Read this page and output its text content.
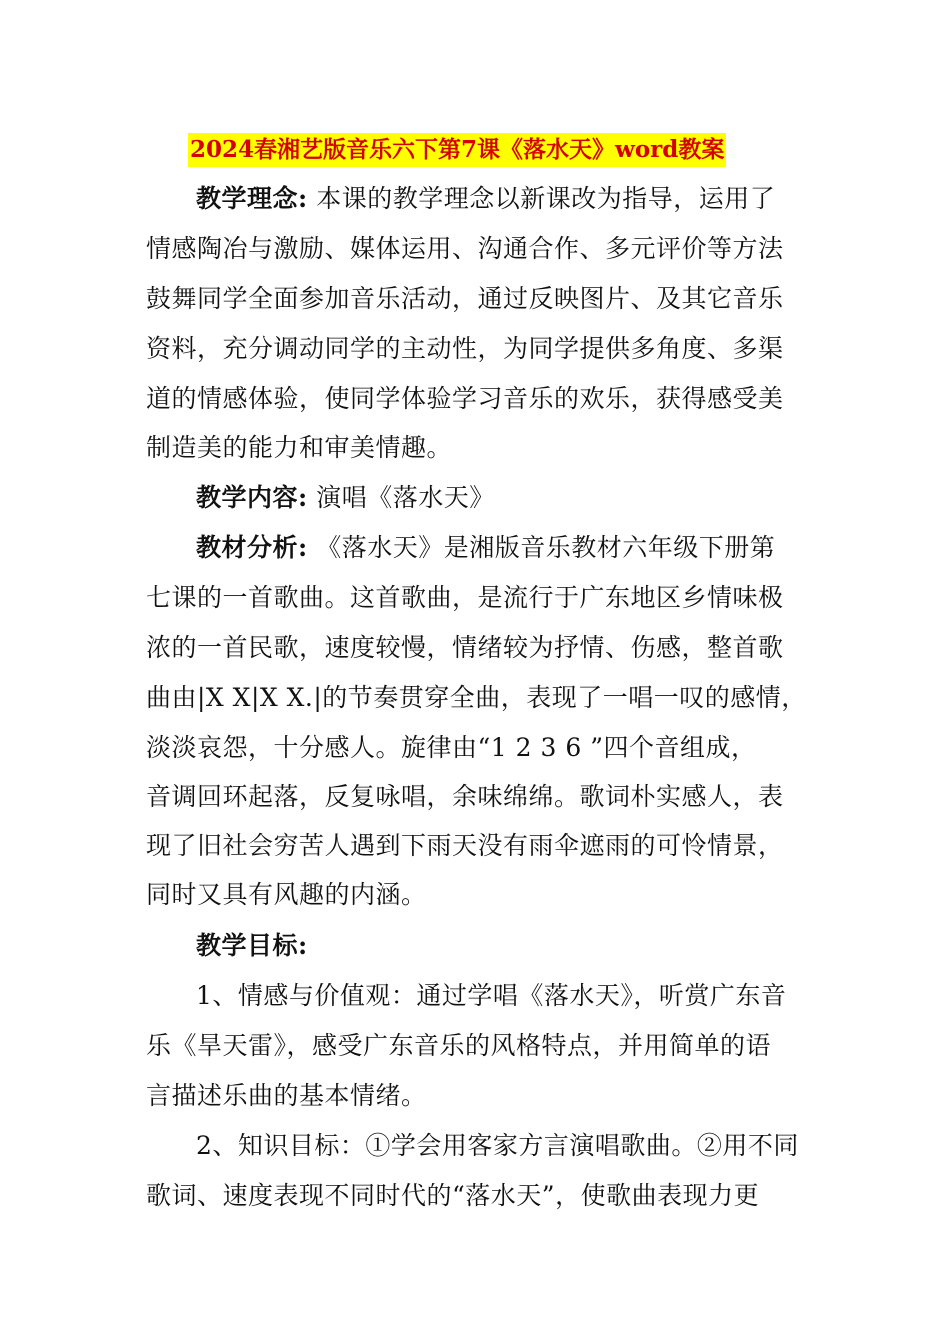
2024春湘艺版音乐六下第7课《落水天》word教案
教学理念: 本课的教学理念以新课改为指导，运用了
情感陶冶与激励、媒体运用、沟通合作、多元评价等方法
鼓舞同学全面参加音乐活动，通过反映图片、及其它音乐
资料，充分调动同学的主动性，为同学提供多角度、多渠
道的情感体验，使同学体验学习音乐的欢乐，获得感受美
制造美的能力和审美情趣。
教学内容: 演唱《落水天》
教材分析: 《落水天》是湘版音乐教材六年级下册第
七课的一首歌曲。这首歌曲，是流行于广东地区乡情味极
浓的一首民歌，速度较慢，情绪较为抒情、伤感，整首歌
曲由|X X|X X.|的节奏贯穿全曲，表现了一唱一叹的感情，
淡淡哀怨，十分感人。旋律由“1 2 3 6 ”四个音组成，
音调回环起落，反复咏唱，余味绵绵。歌词朴实感人，表
现了旧社会穷苦人遇到下雨天没有雨伞遮雨的可怜情景，
同时又具有风趣的内涵。
教学目标:
1、情感与价值观：通过学唱《落水天》，听赏广东音
乐《旱天雷》，感受广东音乐的风格特点，并用简单的语
言描述乐曲的基本情绪。
2、知识目标：①学会用客家方言演唱歌曲。②用不同
歌词、速度表现不同时代的“落水天”，使歌曲表现力更
